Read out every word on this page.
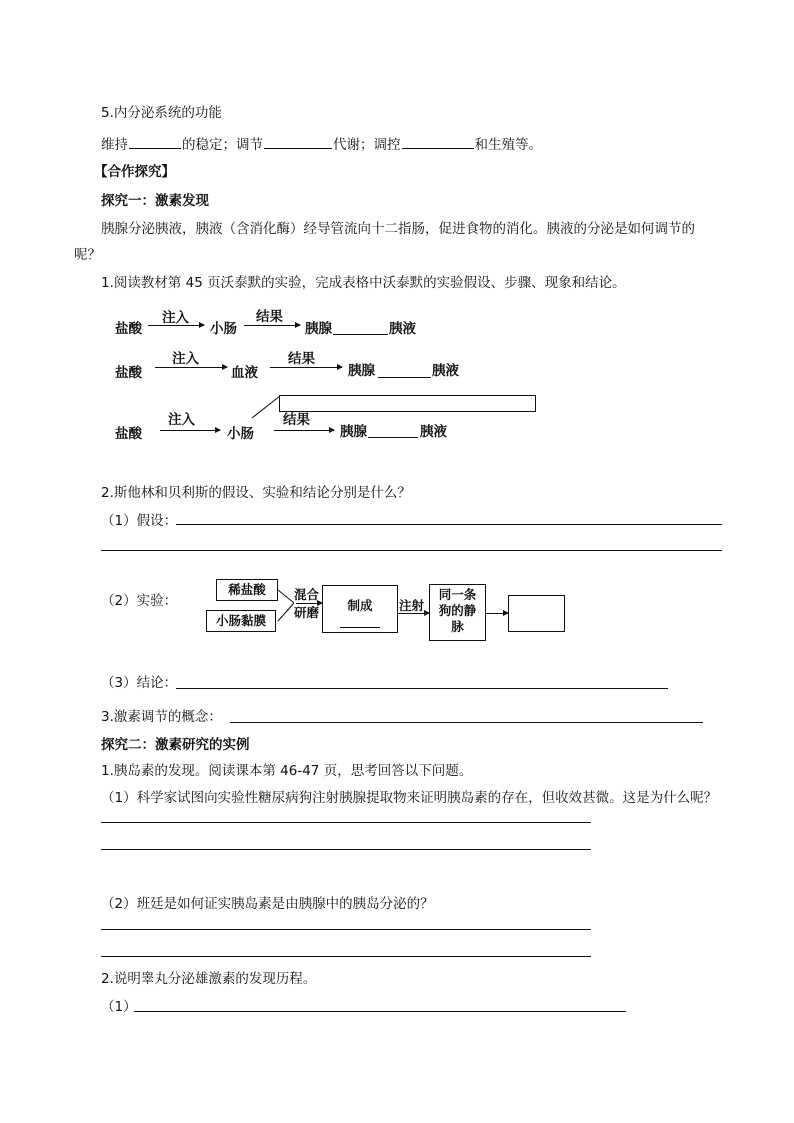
5.内分泌系统的功能
维持	的稳定；调节	代谢；调控	和生殖等。
【合作探究】
探究一：激素发现
胰腺分泌胰液，胰液（含消化酶）经导管流向十二指肠，促进食物的消化。胰液的分泌是如何调节的
呢？
1.阅读教材第 45 页沃泰默的实验，完成表格中沃泰默的实验假设、步骤、现象和结论。
盐酸
注入
小肠
结果
胰腺	胰液
盐酸
注入
血液
结果
胰腺	胰液
盐酸
注入
小肠
结果
胰腺	胰液
2.斯他林和贝利斯的假设、实验和结论分别是什么？
（1）假设：
（2）实验：
稀盐酸
小肠黏膜
混合
研磨	制成	注射
同一条
狗的静
脉
（3）结论：
3.激素调节的概念：
探究二：激素研究的实例
1.胰岛素的发现。阅读课本第 46-47 页，思考回答以下问题。
（1）科学家试图向实验性糖尿病狗注射胰腺提取物来证明胰岛素的存在，但收效甚微。这是为什么呢？
（2）班廷是如何证实胰岛素是由胰腺中的胰岛分泌的？
2.说明睾丸分泌雄激素的发现历程。
（1）
